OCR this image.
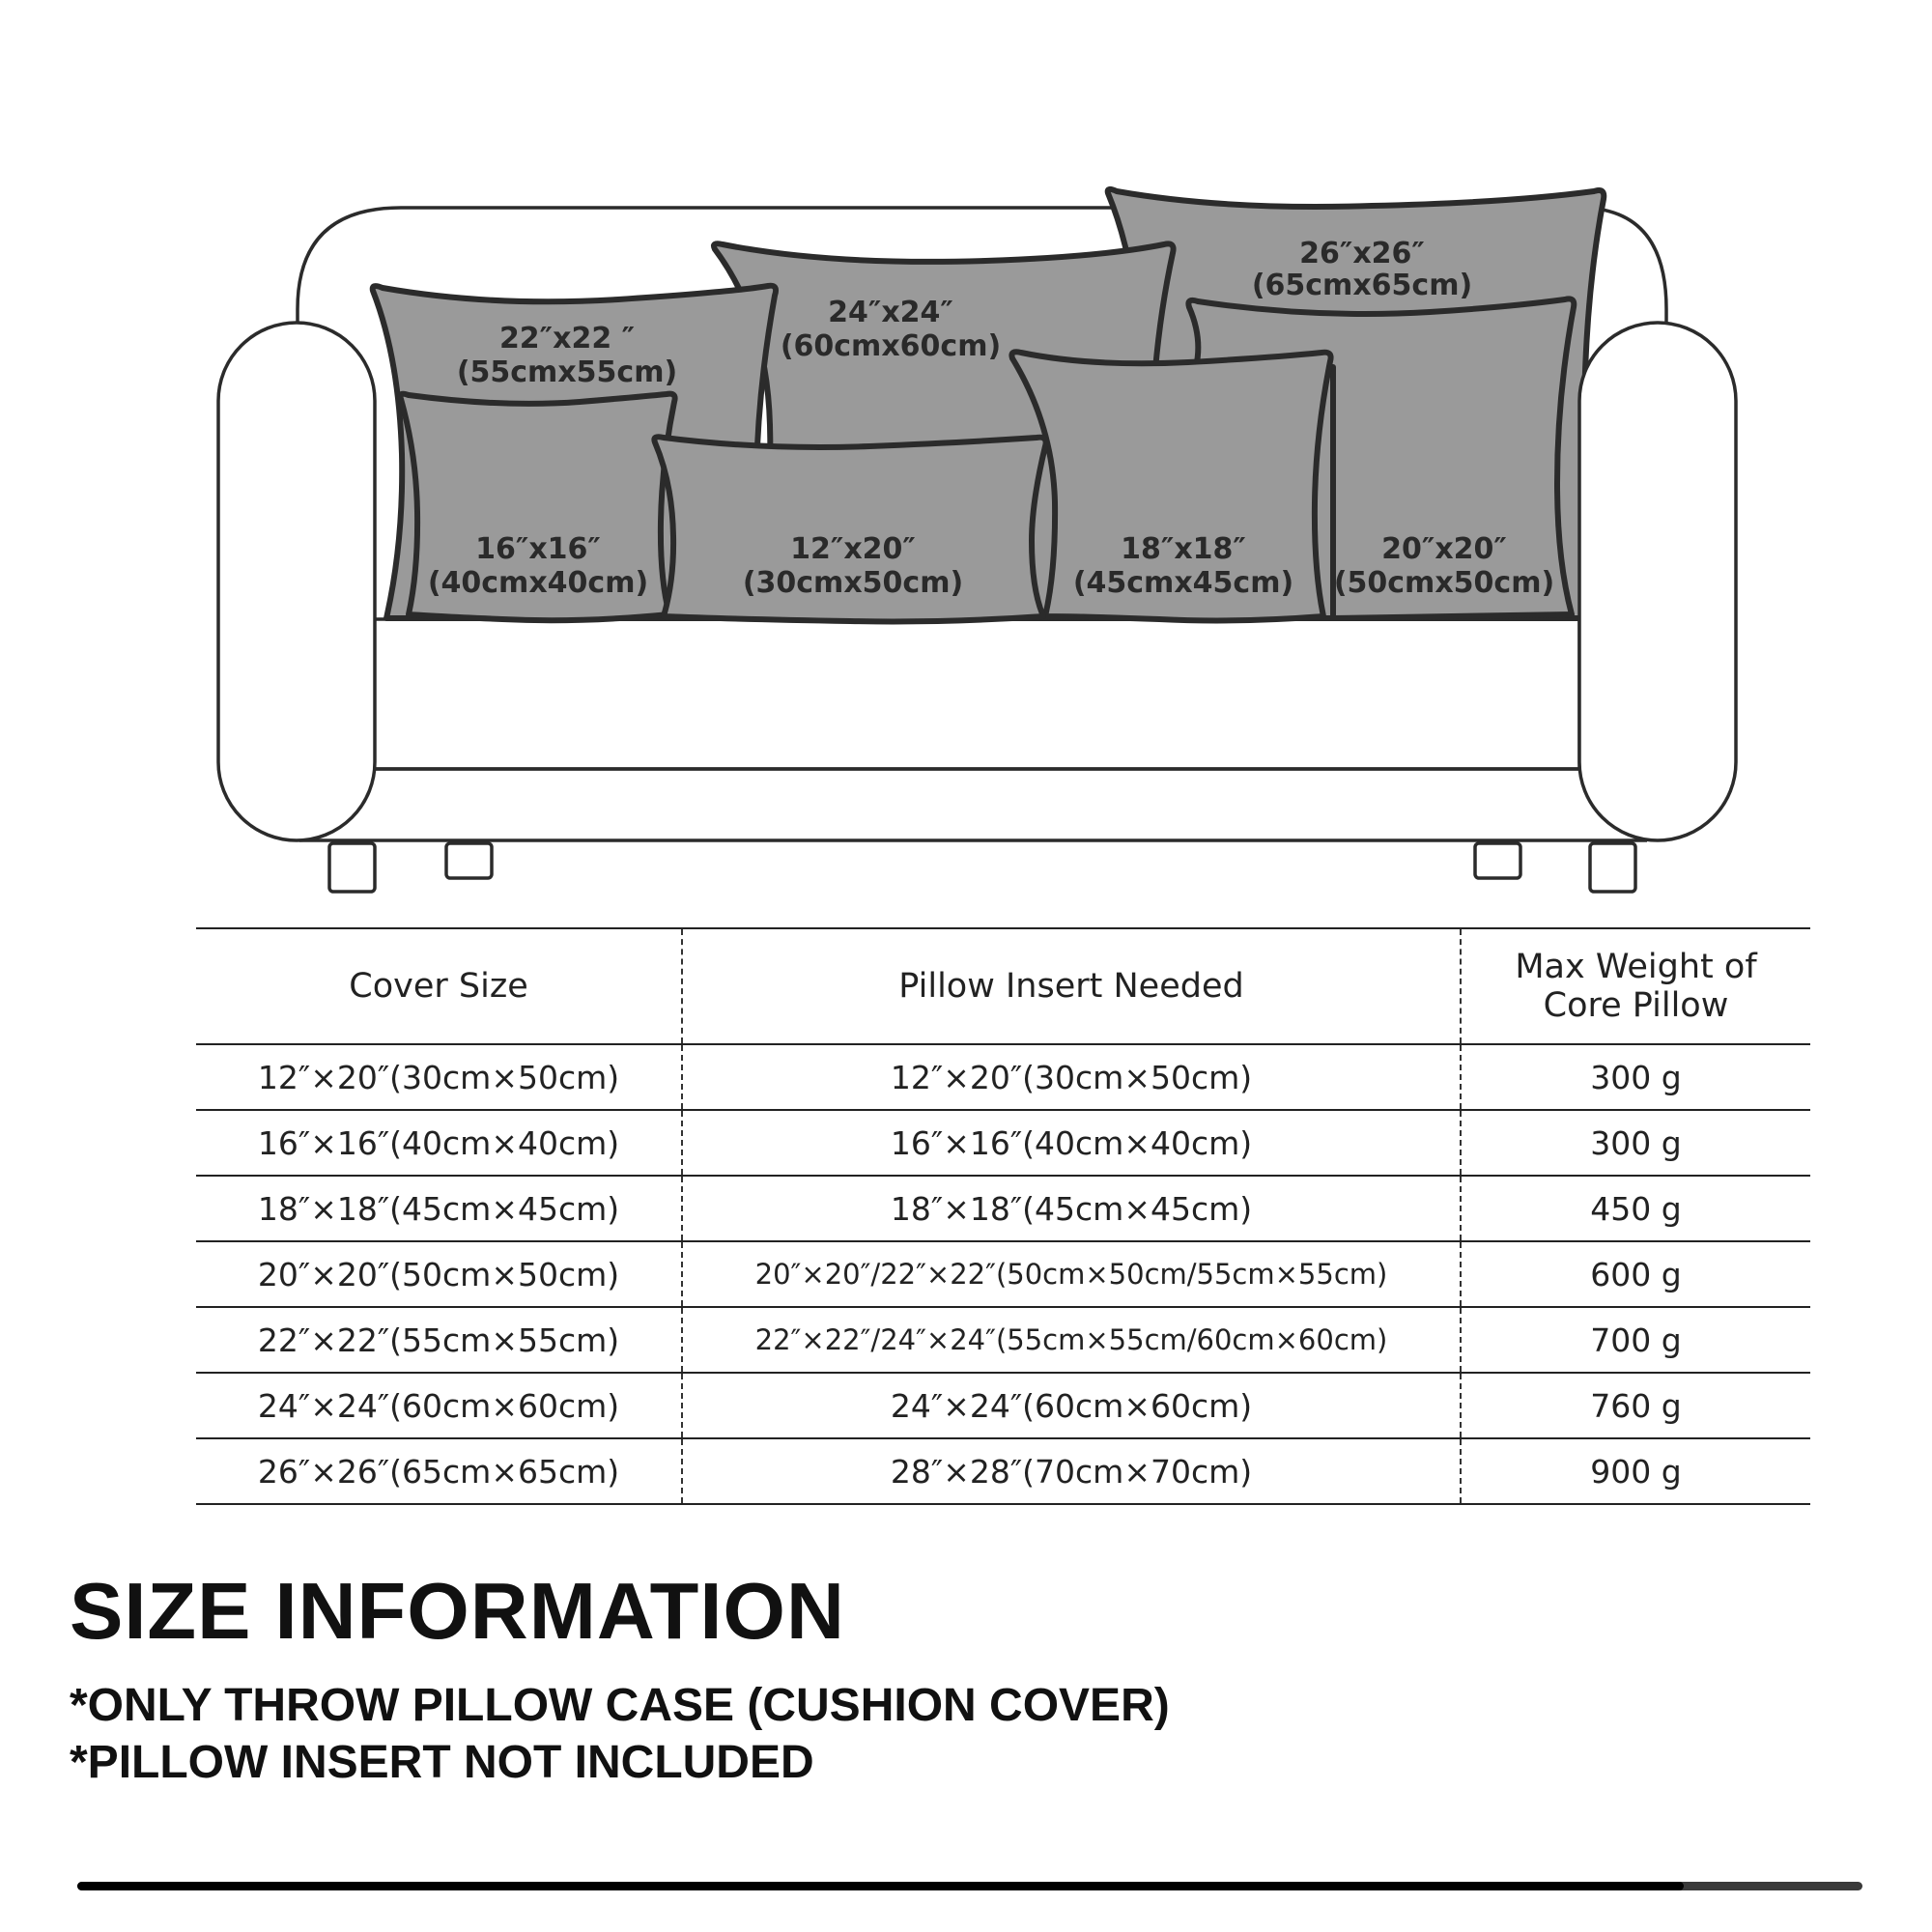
26″x26″
(65cmx65cm)
24″x24″
(60cmx60cm)
22″x22 ″
(55cmx55cm)
16″x16″
(40cmx40cm)
12″x20″
(30cmx50cm)
18″x18″
(45cmx45cm)
20″x20″
(50cmx50cm)
Cover Size	Pillow Insert Needed	Max Weight of
Core Pillow
12″×20″(30cm×50cm)	12″×20″(30cm×50cm)	300 g
16″×16″(40cm×40cm)	16″×16″(40cm×40cm)	300 g
18″×18″(45cm×45cm)	18″×18″(45cm×45cm)	450 g
20″×20″(50cm×50cm)	20″×20″/22″×22″(50cm×50cm/55cm×55cm)	600 g
22″×22″(55cm×55cm)	22″×22″/24″×24″(55cm×55cm/60cm×60cm)	700 g
24″×24″(60cm×60cm)	24″×24″(60cm×60cm)	760 g
26″×26″(65cm×65cm)	28″×28″(70cm×70cm)	900 g
SIZE INFORMATION

*ONLY THROW PILLOW CASE (CUSHION COVER)

*PILLOW INSERT NOT INCLUDED
